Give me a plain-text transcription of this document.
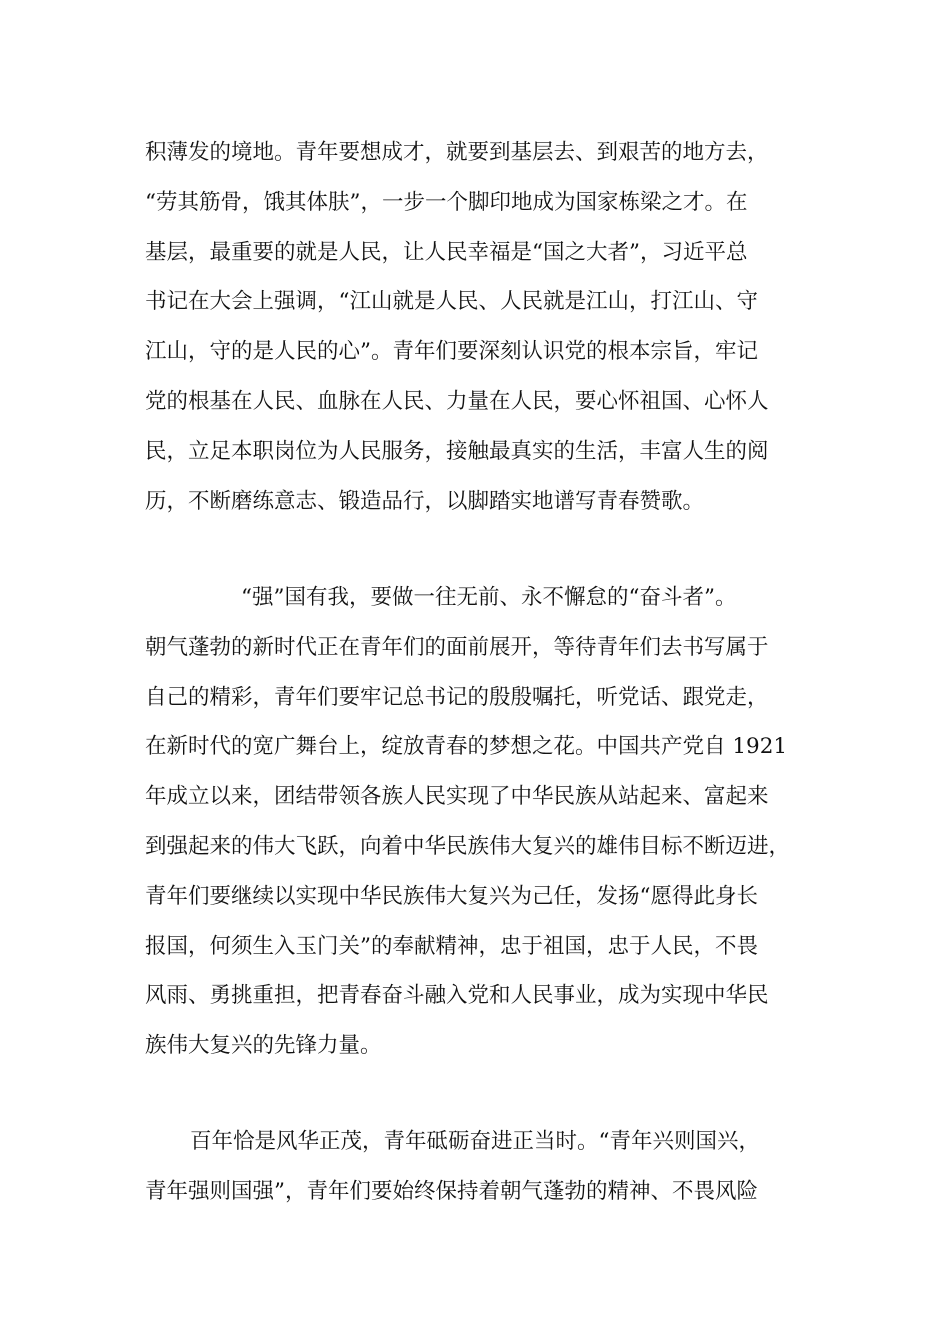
积薄发的境地。青年要想成才，就要到基层去、到艰苦的地方去，
“劳其筋骨，饿其体肤”，一步一个脚印地成为国家栋梁之才。在
基层，最重要的就是人民，让人民幸福是“国之大者”，习近平总
书记在大会上强调，“江山就是人民、人民就是江山，打江山、守
江山，守的是人民的心”。青年们要深刻认识党的根本宗旨，牢记
党的根基在人民、血脉在人民、力量在人民，要心怀祖国、心怀人
民，立足本职岗位为人民服务，接触最真实的生活，丰富人生的阅
历，不断磨练意志、锻造品行，以脚踏实地谱写青春赞歌。
“强”国有我，要做一往无前、永不懈怠的“奋斗者”。
朝气蓬勃的新时代正在青年们的面前展开，等待青年们去书写属于
自己的精彩，青年们要牢记总书记的殷殷嘱托，听党话、跟党走，
在新时代的宽广舞台上，绽放青春的梦想之花。中国共产党自 1921
年成立以来，团结带领各族人民实现了中华民族从站起来、富起来
到强起来的伟大飞跃，向着中华民族伟大复兴的雄伟目标不断迈进，
青年们要继续以实现中华民族伟大复兴为己任，发扬“愿得此身长
报国，何须生入玉门关”的奉献精神，忠于祖国，忠于人民，不畏
风雨、勇挑重担，把青春奋斗融入党和人民事业，成为实现中华民
族伟大复兴的先锋力量。
百年恰是风华正茂，青年砥砺奋进正当时。“青年兴则国兴，
青年强则国强”，青年们要始终保持着朝气蓬勃的精神、不畏风险
